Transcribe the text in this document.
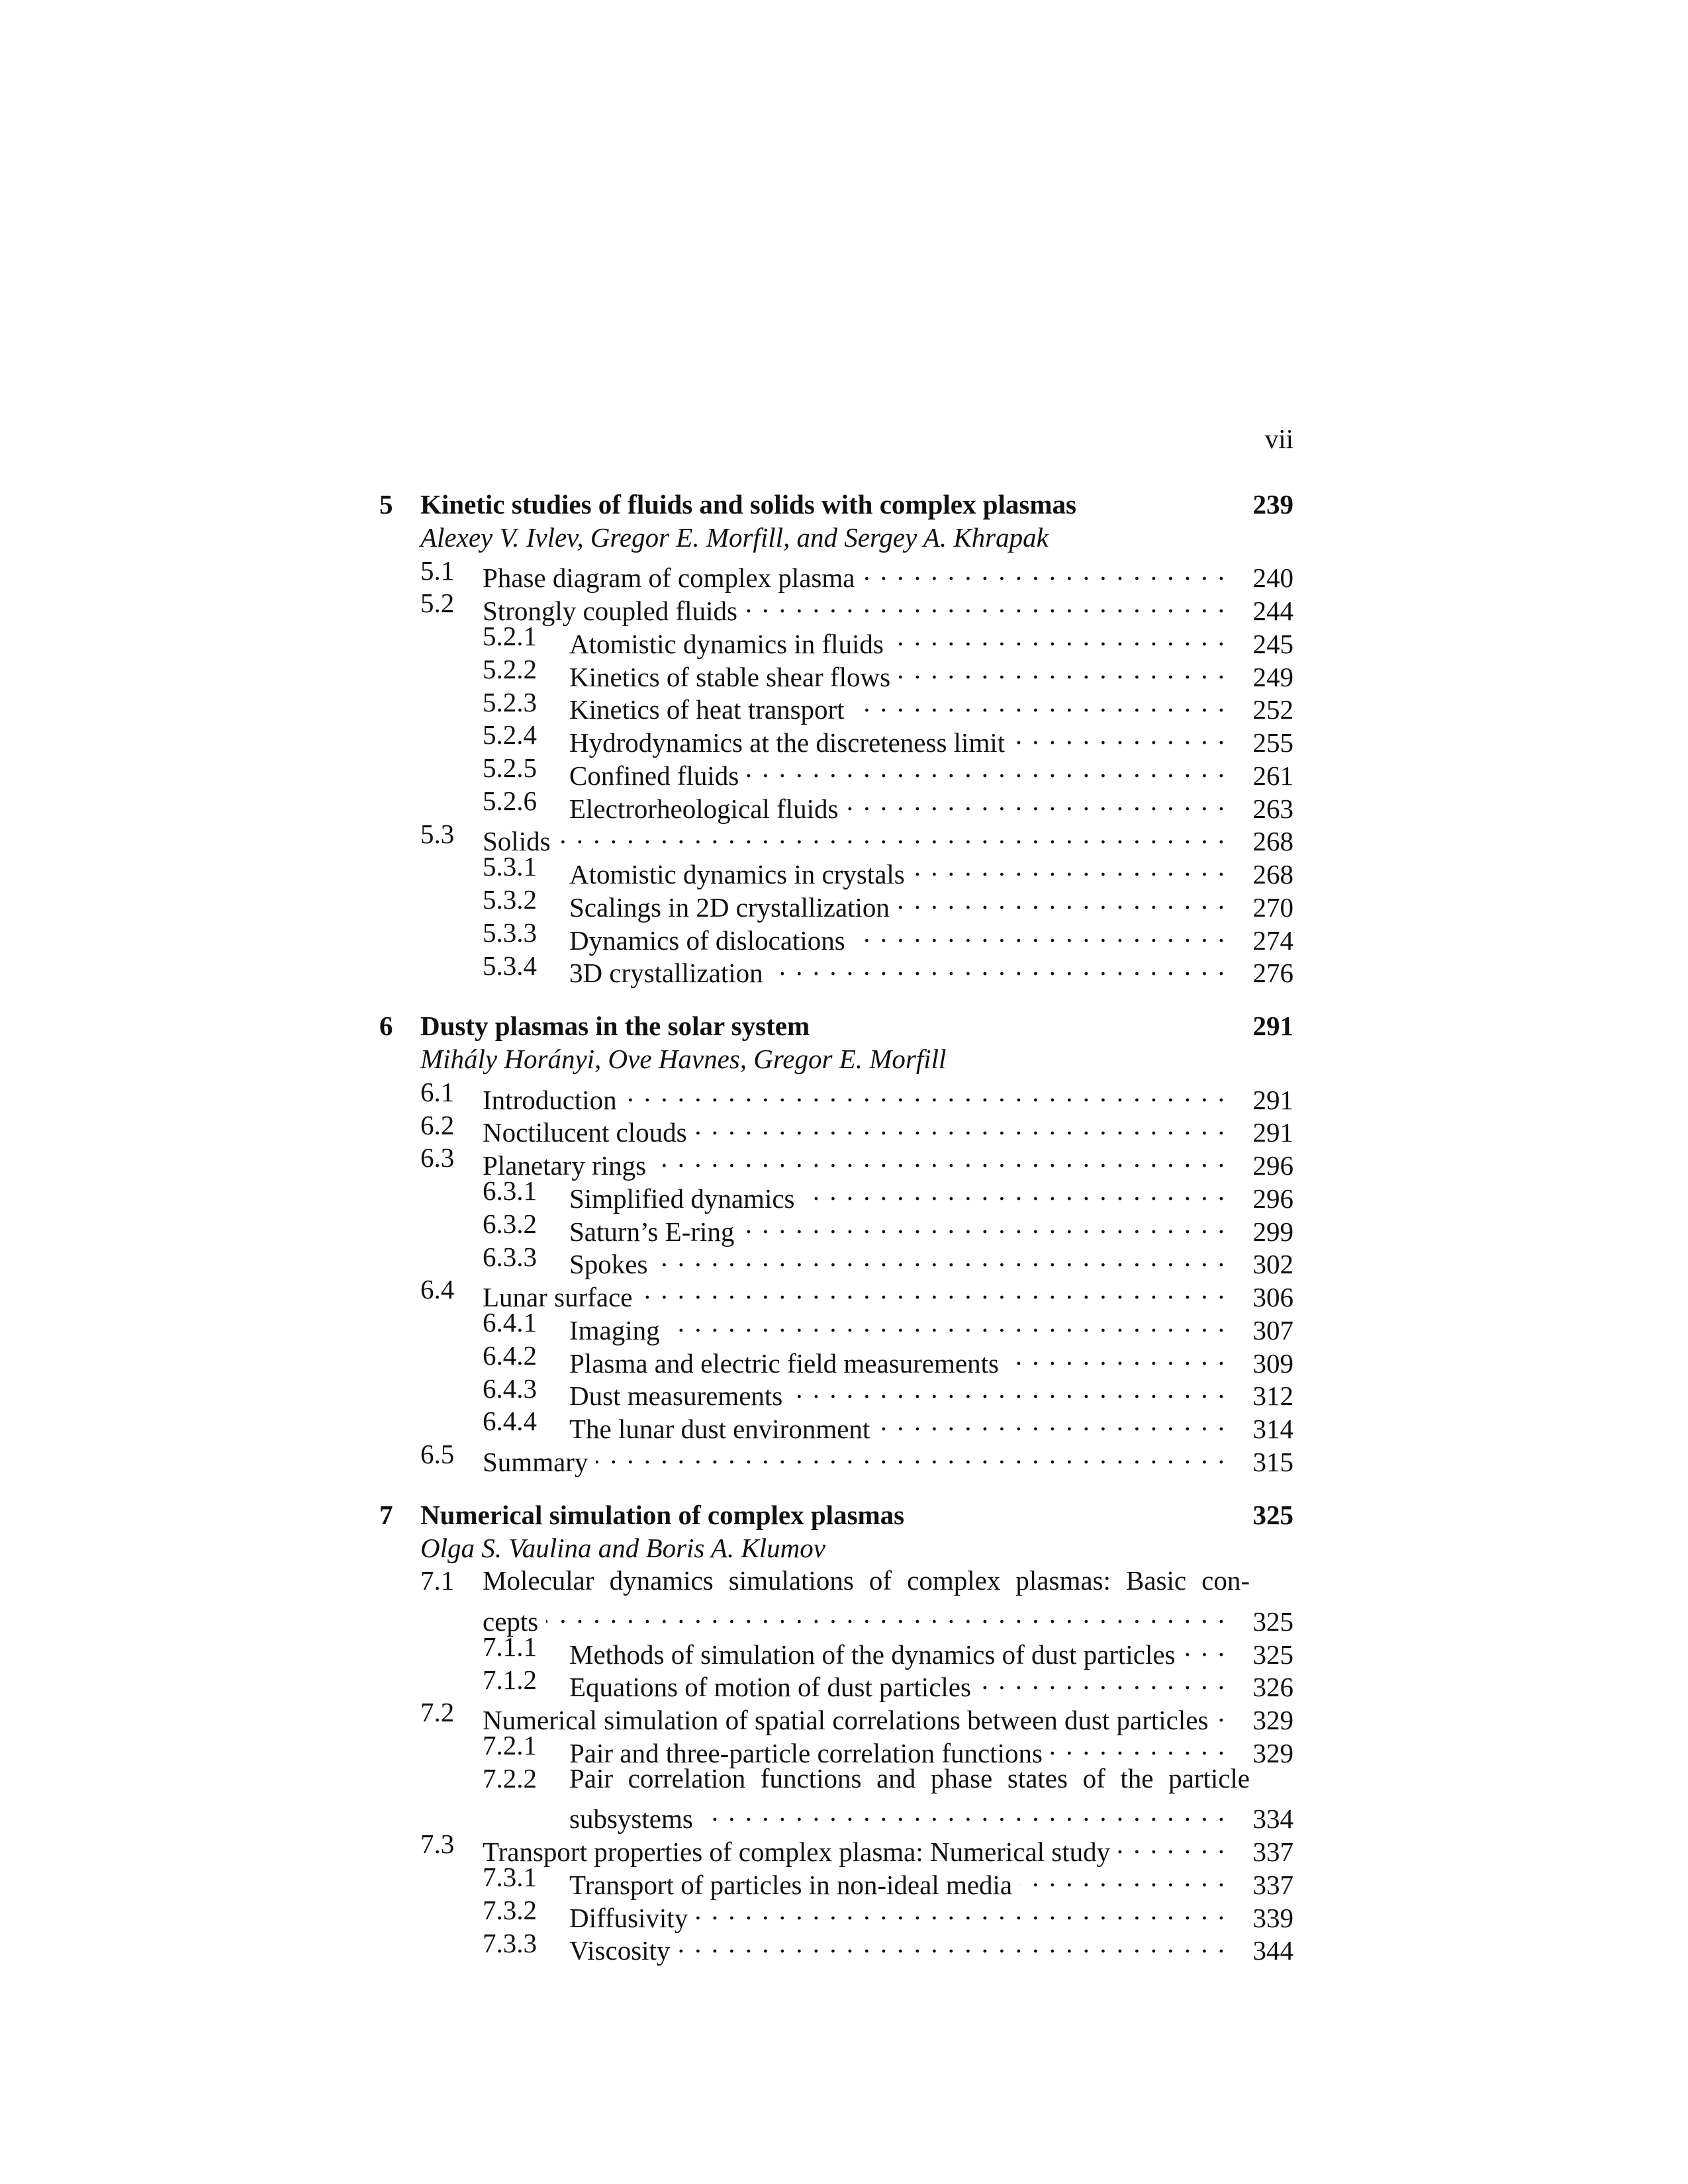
vii
5	Kinetic studies of fluids and solids with complex plasmas	239
Alexey V. Ivlev, Gregor E. Morfill, and Sergey A. Khrapak
5.1	Phase diagram of complex plasma . . .	240
5.2	Strongly coupled fluids . . .	244
5.2.1	Atomistic dynamics in fluids . . .	245
5.2.2	Kinetics of stable shear flows . . .	249
5.2.3	Kinetics of heat transport . . .	252
5.2.4	Hydrodynamics at the discreteness limit . . .	255
5.2.5	Confined fluids . . .	261
5.2.6	Electrorheological fluids . . .	263
5.3	Solids . . .	268
5.3.1	Atomistic dynamics in crystals . . .	268
5.3.2	Scalings in 2D crystallization . . .	270
5.3.3	Dynamics of dislocations . . .	274
5.3.4	3D crystallization . . .	276
6	Dusty plasmas in the solar system	291
Mihály Horányi, Ove Havnes, Gregor E. Morfill
6.1	Introduction . . .	291
6.2	Noctilucent clouds . . .	291
6.3	Planetary rings . . .	296
6.3.1	Simplified dynamics . . .	296
6.3.2	Saturn’s E-ring . . .	299
6.3.3	Spokes . . .	302
6.4	Lunar surface . . .	306
6.4.1	Imaging . . .	307
6.4.2	Plasma and electric field measurements . . .	309
6.4.3	Dust measurements . . .	312
6.4.4	The lunar dust environment . . .	314
6.5	Summary . . .	315
7	Numerical simulation of complex plasmas	325
Olga S. Vaulina and Boris A. Klumov
7.1	Molecular dynamics simulations of complex plasmas: Basic con-
cepts . . .	325
7.1.1	Methods of simulation of the dynamics of dust particles . . .	325
7.1.2	Equations of motion of dust particles . . .	326
7.2	Numerical simulation of spatial correlations between dust particles . . .	329
7.2.1	Pair and three-particle correlation functions . . .	329
7.2.2	Pair correlation functions and phase states of the particle
subsystems . . .	334
7.3	Transport properties of complex plasma: Numerical study . . .	337
7.3.1	Transport of particles in non-ideal media . . .	337
7.3.2	Diffusivity . . .	339
7.3.3	Viscosity . . .	344
